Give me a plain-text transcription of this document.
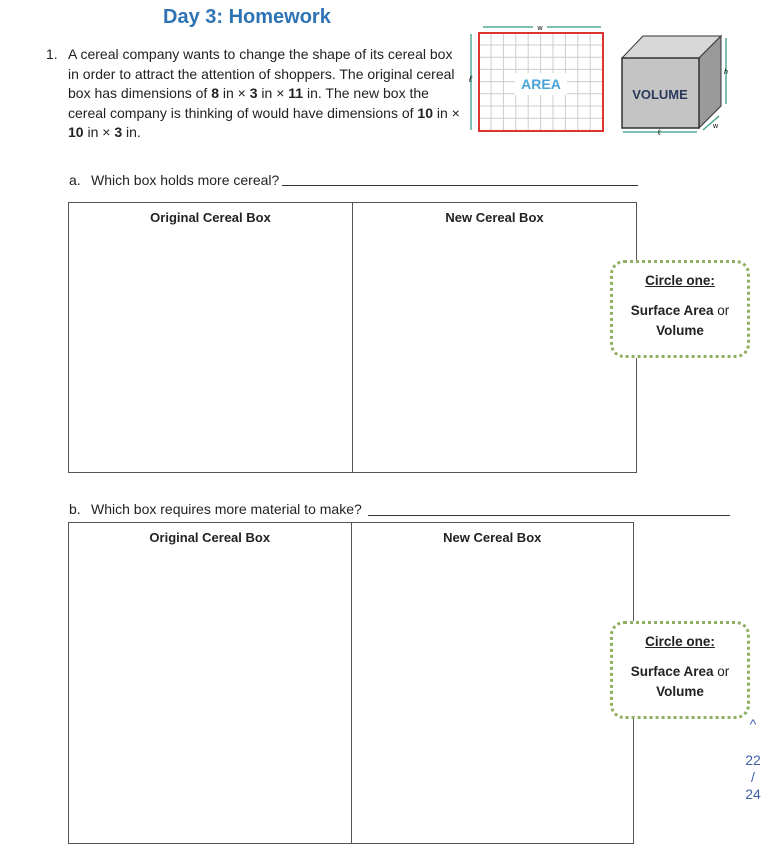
Day 3: Homework
1. A cereal company wants to change the shape of its cereal box in order to attract the attention of shoppers. The original cereal box has dimensions of 8 in × 3 in × 11 in. The new box the cereal company is thinking of would have dimensions of 10 in × 10 in × 3 in.
AREA
w
ℓ
VOLUME
h
ℓ
w
a. Which box holds more cereal?
Original Cereal Box	New Cereal Box
Circle one:
Surface Area or
Volume
b. Which box requires more material to make?
Original Cereal Box	New Cereal Box
Circle one:
Surface Area or
Volume
^
22
/
24
